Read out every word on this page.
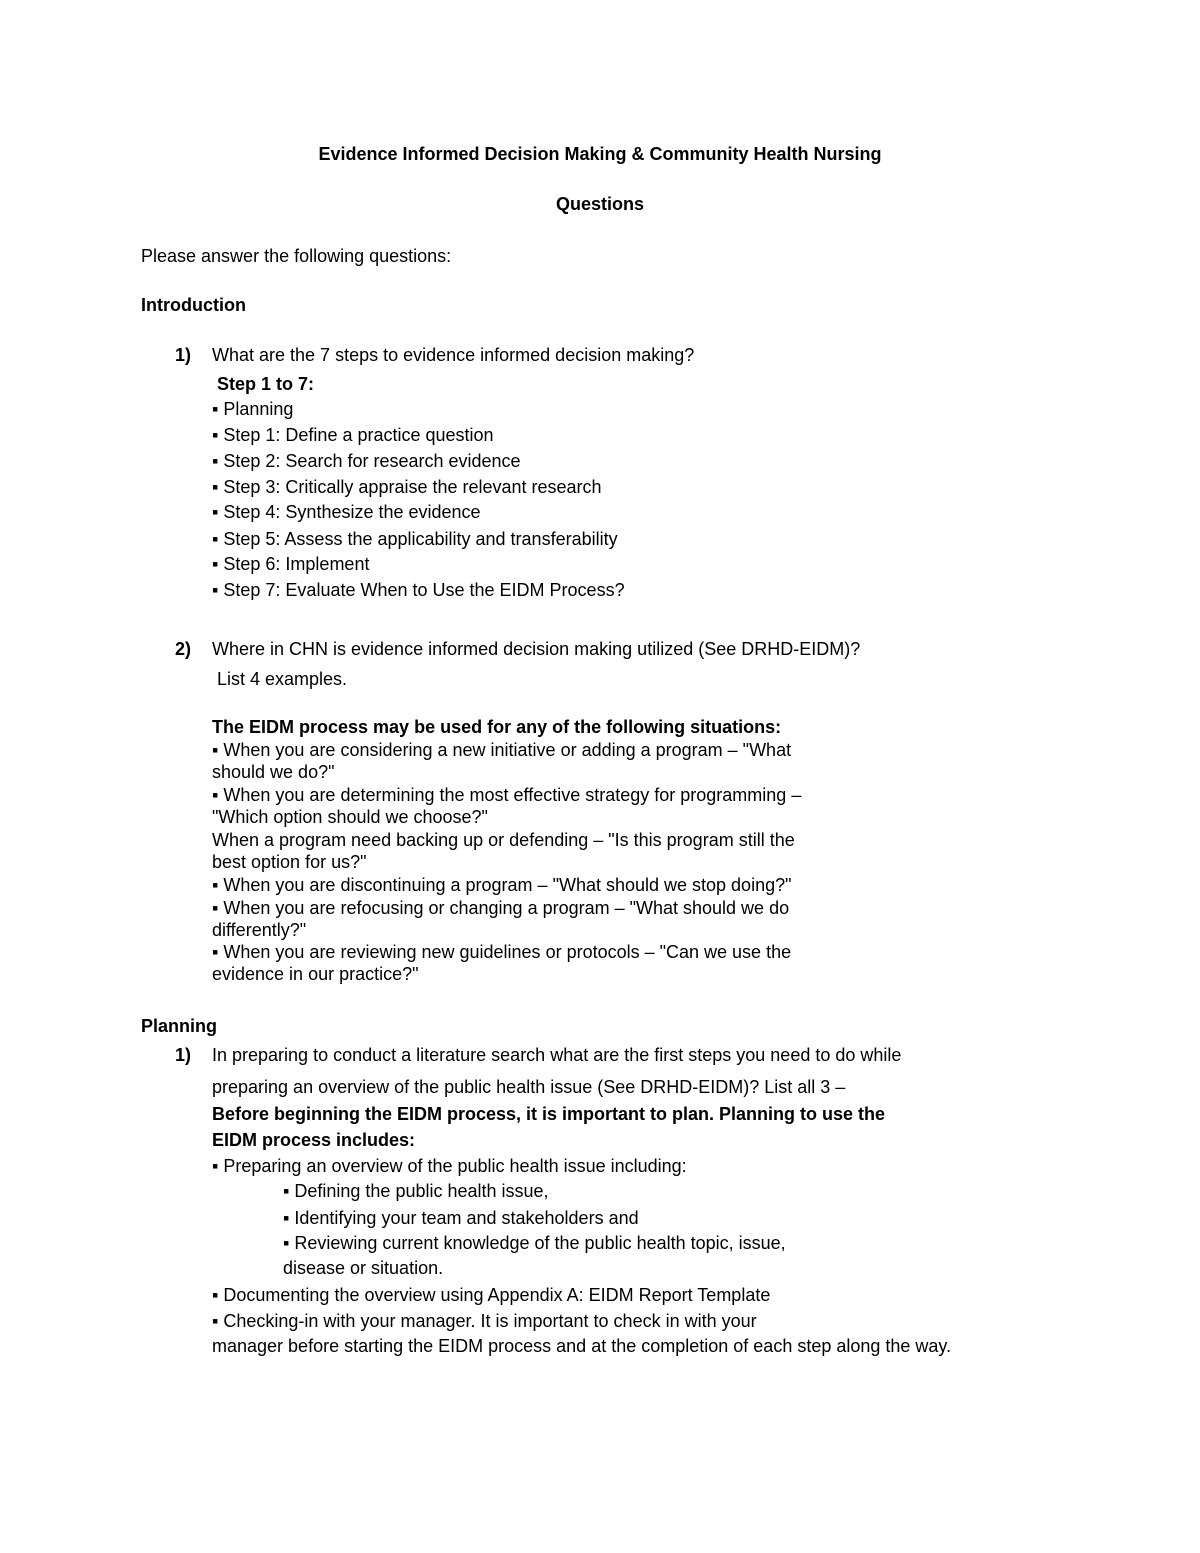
Evidence Informed Decision Making & Community Health Nursing
Questions
Please answer the following questions:
Introduction
1) What are the 7 steps to evidence informed decision making?
Step 1 to 7:
▪ Planning
▪ Step 1: Define a practice question
▪ Step 2: Search for research evidence
▪ Step 3: Critically appraise the relevant research
▪ Step 4: Synthesize the evidence
▪ Step 5: Assess the applicability and transferability
▪ Step 6: Implement
▪ Step 7: Evaluate When to Use the EIDM Process?
2) Where in CHN is evidence informed decision making utilized (See DRHD-EIDM)?
List 4 examples.
The EIDM process may be used for any of the following situations:
▪ When you are considering a new initiative or adding a program – "What
should we do?"
▪ When you are determining the most effective strategy for programming –
"Which option should we choose?"
When a program need backing up or defending – "Is this program still the
best option for us?"
▪ When you are discontinuing a program – "What should we stop doing?"
▪ When you are refocusing or changing a program – "What should we do
differently?"
▪ When you are reviewing new guidelines or protocols – "Can we use the
evidence in our practice?"
Planning
1) In preparing to conduct a literature search what are the first steps you need to do while
preparing an overview of the public health issue (See DRHD-EIDM)? List all 3 –
Before beginning the EIDM process, it is important to plan. Planning to use the
EIDM process includes:
▪ Preparing an overview of the public health issue including:
▪ Defining the public health issue,
▪ Identifying your team and stakeholders and
▪ Reviewing current knowledge of the public health topic, issue,
disease or situation.
▪ Documenting the overview using Appendix A: EIDM Report Template
▪ Checking-in with your manager. It is important to check in with your
manager before starting the EIDM process and at the completion of each step along the way.
